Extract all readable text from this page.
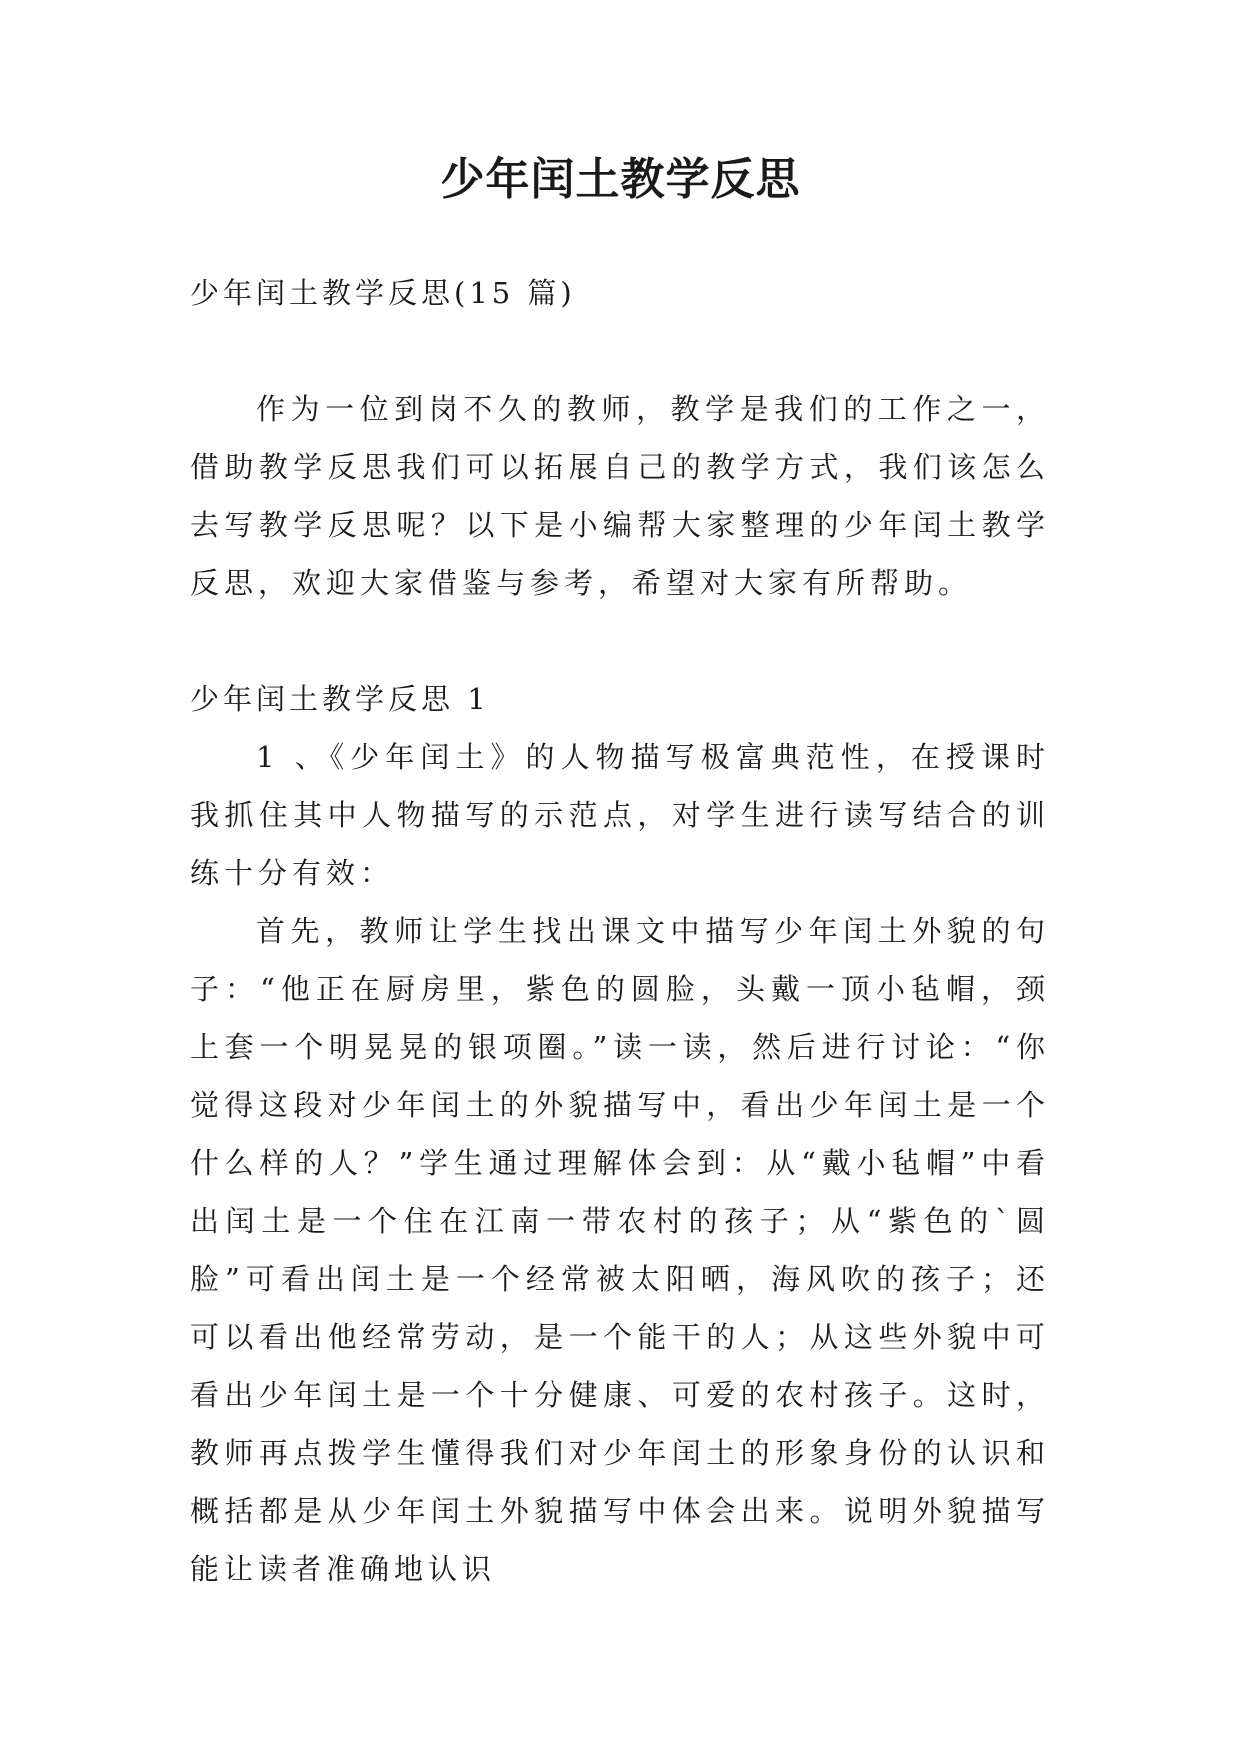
少年闰土教学反思

少年闰土教学反思(15 篇)

作为一位到岗不久的教师，教学是我们的工作之一，借助教学反思我们可以拓展自己的教学方式，我们该怎么去写教学反思呢？以下是小编帮大家整理的少年闰土教学反思，欢迎大家借鉴与参考，希望对大家有所帮助。

少年闰土教学反思 1

1 、《少年闰土》的人物描写极富典范性，在授课时我抓住其中人物描写的示范点，对学生进行读写结合的训练十分有效：

首先，教师让学生找出课文中描写少年闰土外貌的句子：“他正在厨房里，紫色的圆脸，头戴一顶小毡帽，颈上套一个明晃晃的银项圈。”读一读，然后进行讨论：“你觉得这段对少年闰土的外貌描写中，看出少年闰土是一个什么样的人？”学生通过理解体会到：从“戴小毡帽”中看出闰土是一个住在江南一带农村的孩子；从“紫色的`圆脸”可看出闰土是一个经常被太阳晒，海风吹的孩子；还可以看出他经常劳动，是一个能干的人；从这些外貌中可看出少年闰土是一个十分健康、可爱的农村孩子。这时，教师再点拨学生懂得我们对少年闰土的形象身份的认识和概括都是从少年闰土外貌描写中体会出来。说明外貌描写能让读者准确地认识
